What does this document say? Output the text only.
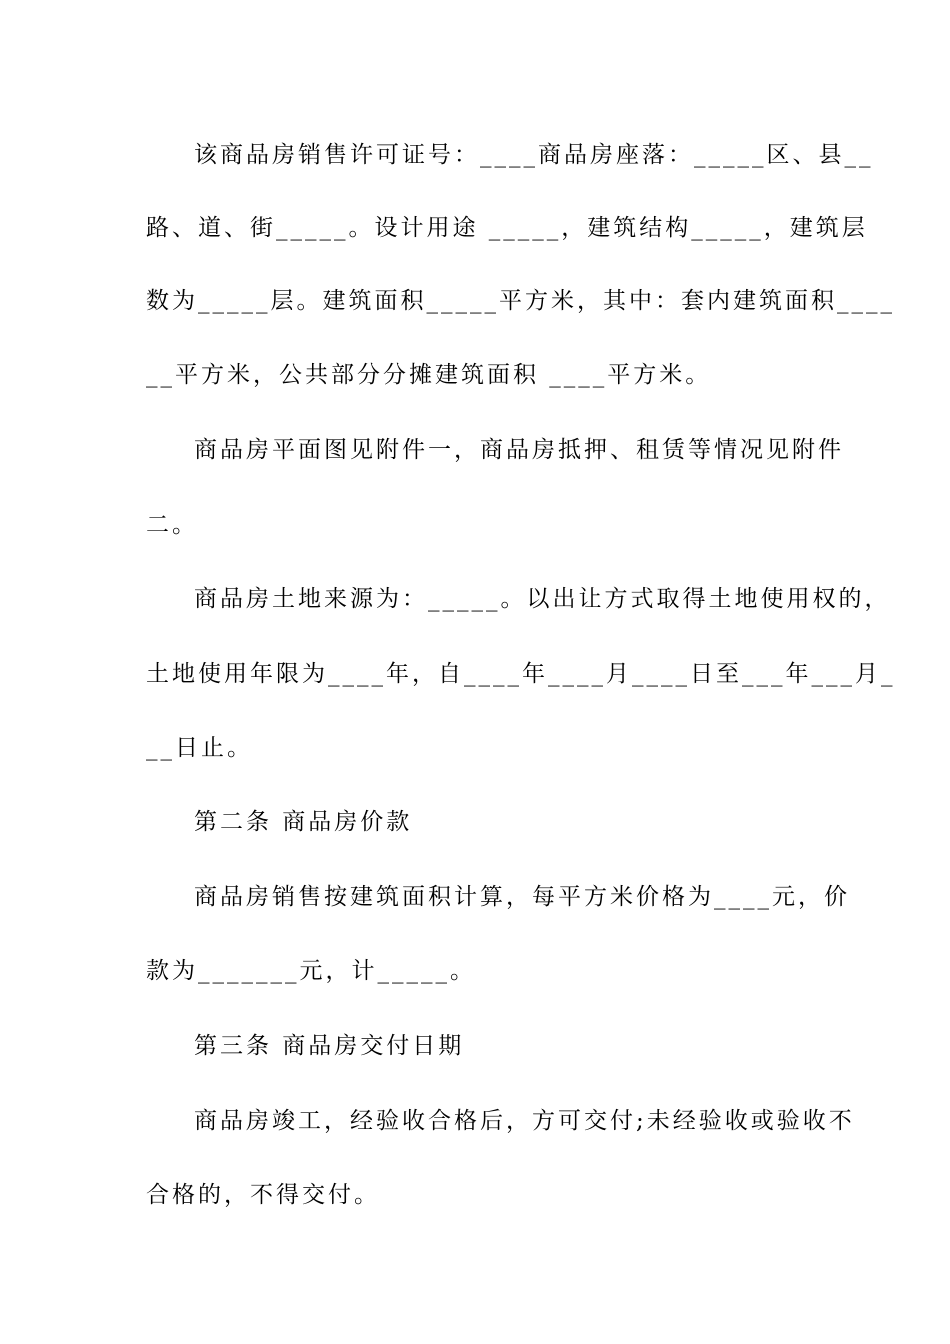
该商品房销售许可证号：____商品房座落：_____区、县__
路、道、街_____。设计用途 _____，建筑结构_____，建筑层
数为_____层。建筑面积_____平方米，其中：套内建筑面积____
__平方米，公共部分分摊建筑面积 ____平方米。
商品房平面图见附件一，商品房抵押、租赁等情况见附件
二。
商品房土地来源为：_____。以出让方式取得土地使用权的，
土地使用年限为____年，自____年____月____日至___年___月_
__日止。
第二条 商品房价款
商品房销售按建筑面积计算，每平方米价格为____元，价
款为_______元，计_____。
第三条 商品房交付日期
商品房竣工，经验收合格后，方可交付;未经验收或验收不
合格的，不得交付。
